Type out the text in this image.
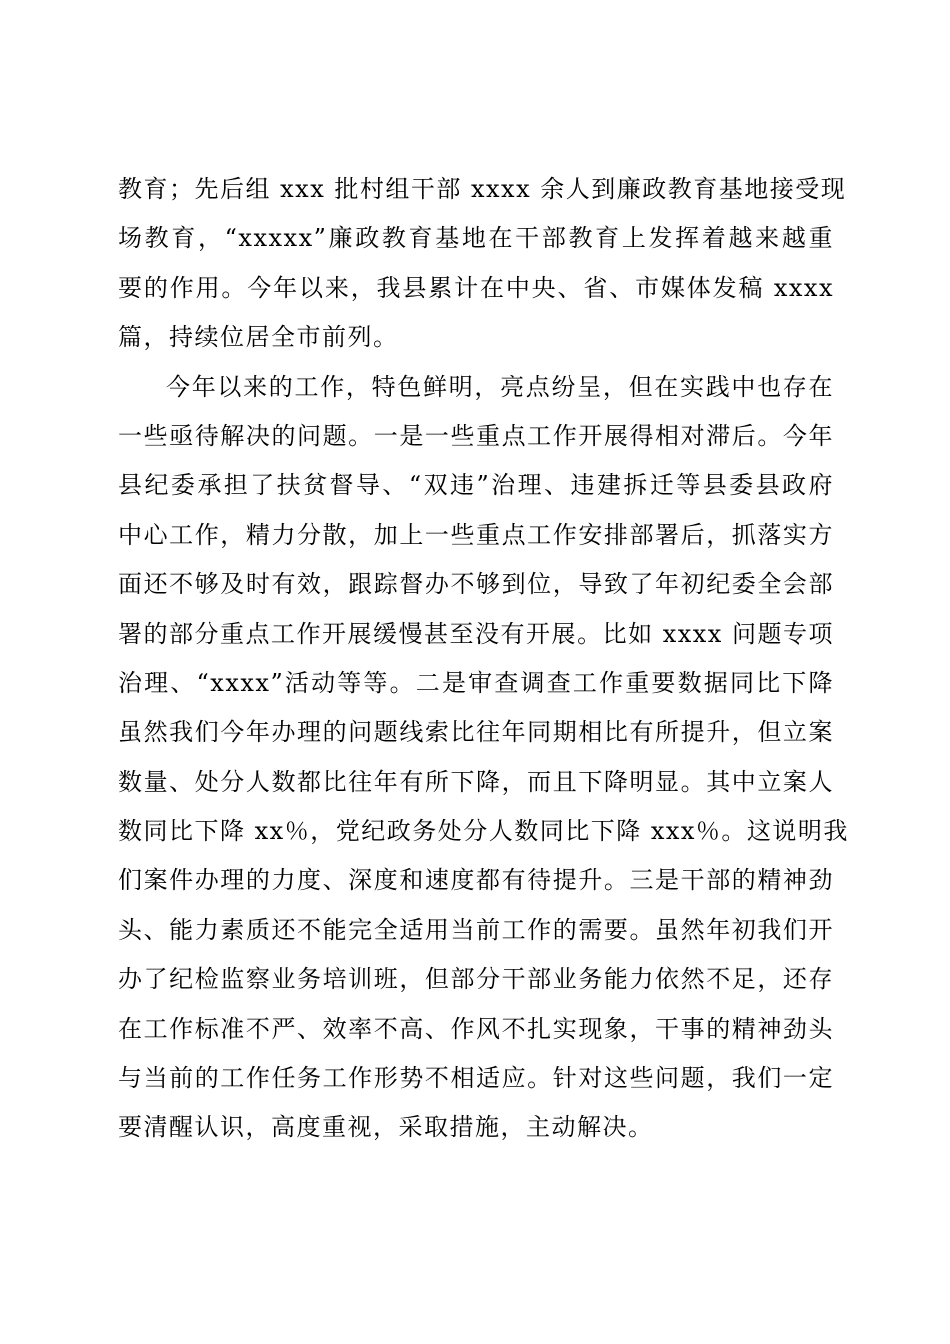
教育；先后组 xxx 批村组干部 xxxx 余人到廉政教育基地接受现
场教育，“xxxxx”廉政教育基地在干部教育上发挥着越来越重
要的作用。今年以来，我县累计在中央、省、市媒体发稿 xxxx
篇，持续位居全市前列。
今年以来的工作，特色鲜明，亮点纷呈，但在实践中也存在
一些亟待解决的问题。一是一些重点工作开展得相对滞后。今年
县纪委承担了扶贫督导、“双违”治理、违建拆迁等县委县政府
中心工作，精力分散，加上一些重点工作安排部署后，抓落实方
面还不够及时有效，跟踪督办不够到位，导致了年初纪委全会部
署的部分重点工作开展缓慢甚至没有开展。比如 xxxx 问题专项
治理、“xxxx”活动等等。二是审查调查工作重要数据同比下降
虽然我们今年办理的问题线索比往年同期相比有所提升，但立案
数量、处分人数都比往年有所下降，而且下降明显。其中立案人
数同比下降 xx％，党纪政务处分人数同比下降 xxx％。这说明我
们案件办理的力度、深度和速度都有待提升。三是干部的精神劲
头、能力素质还不能完全适用当前工作的需要。虽然年初我们开
办了纪检监察业务培训班，但部分干部业务能力依然不足，还存
在工作标准不严、效率不高、作风不扎实现象，干事的精神劲头
与当前的工作任务工作形势不相适应。针对这些问题，我们一定
要清醒认识，高度重视，采取措施，主动解决。
